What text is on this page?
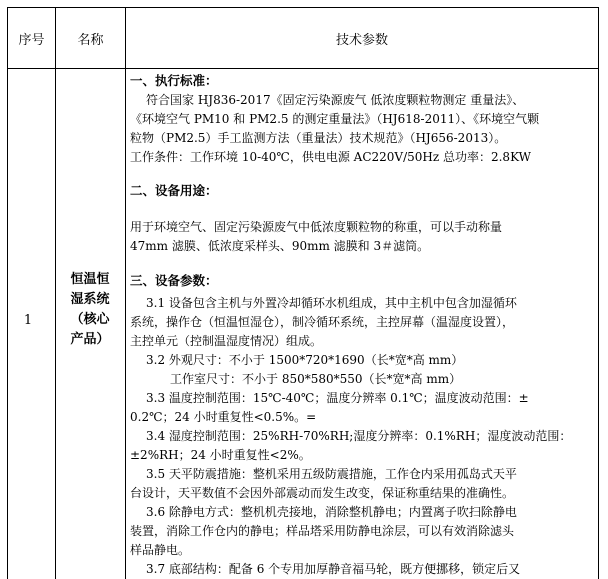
序号	名称	技术参数
1
恒温恒
湿系统
（核心
产品）
一、执行标准：
符合国家 HJ836-2017《固定污染源废气 低浓度颗粒物测定 重量法》、
《环境空气 PM10 和 PM2.5 的测定重量法》（HJ618-2011）、《环境空气颗
粒物（PM2.5）手工监测方法（重量法）技术规范》（HJ656-2013）。
工作条件：工作环境 10-40℃，供电电源 AC220V/50Hz 总功率：2.8KW
二、设备用途：
用于环境空气、固定污染源废气中低浓度颗粒物的称重，可以手动称量
47mm 滤膜、低浓度采样头、90mm 滤膜和 3＃滤筒。
三、设备参数：
3.1 设备包含主机与外置冷却循环水机组成，其中主机中包含加湿循环
系统，操作仓（恒温恒湿仓），制冷循环系统，主控屏幕（温湿度设置），
主控单元（控制温湿度情况）组成。
3.2 外观尺寸：不小于 1500*720*1690（长*宽*高 mm）
工作室尺寸：不小于 850*580*550（长*宽*高 mm）
3.3 温度控制范围：15℃-40℃；温度分辨率 0.1℃；温度波动范围：±
0.2℃；24 小时重复性<0.5%。=
3.4 湿度控制范围：25%RH-70%RH;湿度分辨率：0.1%RH；湿度波动范围：
±2%RH；24 小时重复性<2%。
3.5 天平防震措施：整机采用五级防震措施，工作仓内采用孤岛式天平
台设计，天平数值不会因外部震动而发生改变，保证称重结果的准确性。
3.6 除静电方式：整机机壳接地，消除整机静电；内置离子吹扫除静电
装置，消除工作仓内的静电；样品塔采用防静电涂层，可以有效消除滤头
样品静电。
3.7 底部结构：配备 6 个专用加厚静音福马轮，既方便挪移，锁定后又
